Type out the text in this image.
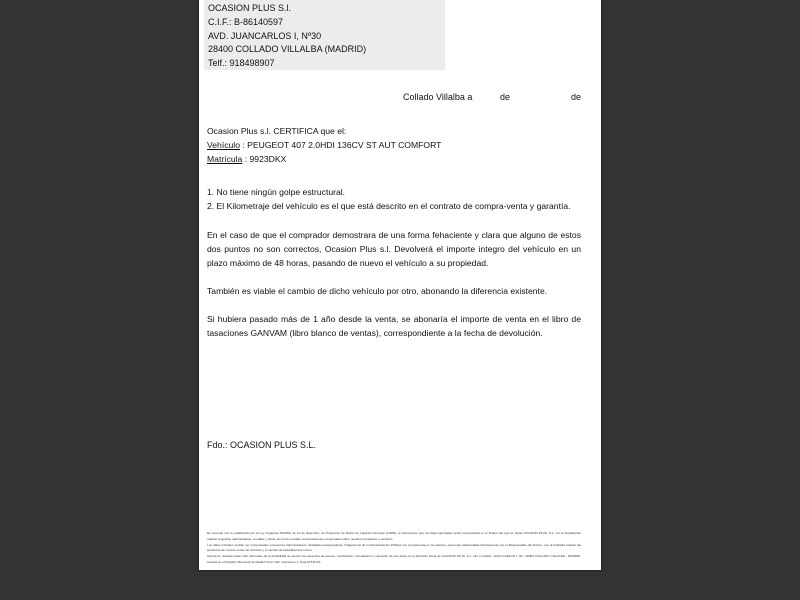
OCASION PLUS S.l.
C.I.F.: B-86140597
AVD. JUANCARLOS I, Nº30
28400 COLLADO VILLALBA (MADRID)
Telf.: 918498907
Collado Villalba a	de	de
Ocasion Plus s.l. CERTIFICA que el:
Vehículo : PEUGEOT 407 2.0HDI 136CV ST AUT COMFORT
Matrícula : 9923DKX
1. No tiene ningún golpe estructural.
2. El Kilometraje del vehículo es el que está descrito en el contrato de compra-venta y garantía.
En el caso de que el comprador demostrara de una forma fehaciente y clara que alguno de estos dos puntos no son correctos, Ocasion Plus s.l. Devolverá el importe integro del vehículo en un plazo máximo de 48 horas, pasando de nuevo el vehículo a su propiedad.
También es viable el cambio de dicho vehículo por otro, abonando la diferencia existente.
Si hubiera pasado más de 1 año desde la venta, se abonaría el importe de venta en el libro de tasaciones GANVAM (libro blanco de ventas), correspondiente a la fecha de devolución.
Fdo.: OCASION PLUS S.L.

De acuerdo con lo establecido por la Ley Orgánica 15/1999, de 13 de diciembre, de Protección de Datos de Carácter Personal (LOPD), le informamos que los datos aportados serán incorporados a un fichero del que es titular OCASION PLUS, S.L. con la finalidad de realizar la gestión administrativa, contable y fiscal, así como enviarle comunicaciones comerciales sobre nuestros productos y servicios.

Los datos incluidos podrán ser comunicados a Gestores Administrativos, Entidades Aseguradoras, Organismos de la Administración Pública con competencia en la materia y personas relacionadas directamente con el Responsable del fichero, con la finalidad realizar las gestiones de compra venta del vehículo y el cambio de titularidad del mismo.

Asimismo, declara haber sido informado de la posibilidad de ejercer los derechos de acceso, rectificación, cancelación y oposición de sus datos en el domicilio fiscal de OCASION PLUS, S.L. sito en AVDA. JUAN CARLOS I, 30 - 28400 COLLADO VILLALBA - MADRID. Inscrita en el Registro Mercantil de Madrid Tomo 190, inscripción 1, Hoja M 511721
